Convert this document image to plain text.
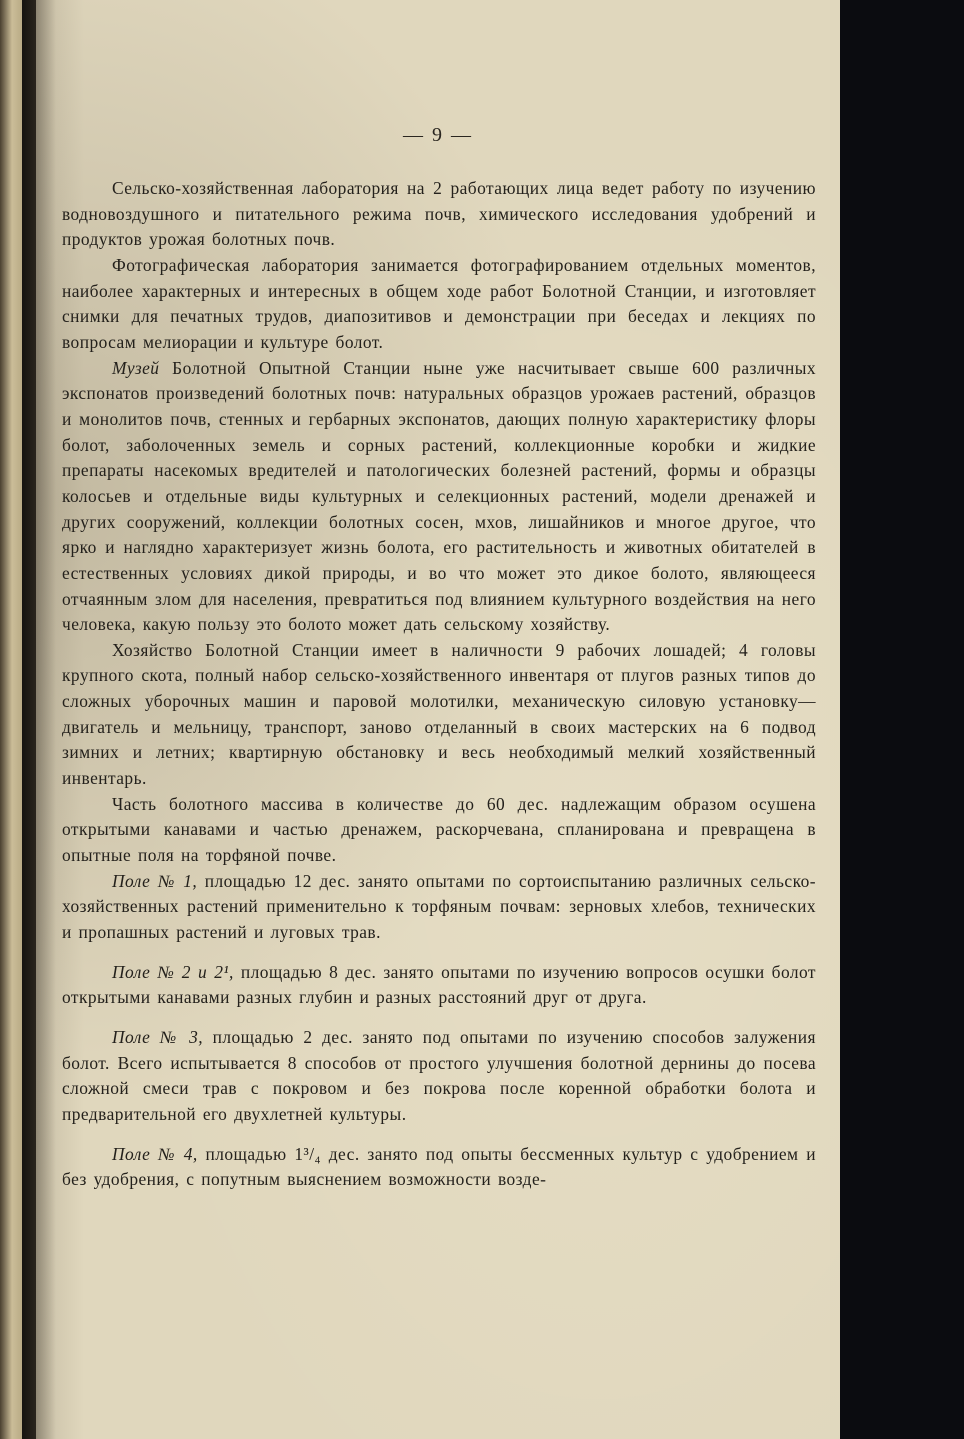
— 9 —

Сельско-хозяйственная лаборатория на 2 работающих лица ведет работу по изучению водновоздушного и питательного режима почв, химического исследования удобрений и продуктов урожая болотных почв.

Фотографическая лаборатория занимается фотографированием отдельных моментов, наиболее характерных и интересных в общем ходе работ Болотной Станции, и изготовляет снимки для печатных трудов, диапозитивов и демонстрации при беседах и лекциях по вопросам мелиорации и культуре болот.

Музей Болотной Опытной Станции ныне уже насчитывает свыше 600 различных экспонатов произведений болотных почв: натуральных образцов урожаев растений, образцов и монолитов почв, стенных и гербарных экспонатов, дающих полную характеристику флоры болот, заболоченных земель и сорных растений, коллекционные коробки и жидкие препараты насекомых вредителей и патологических болезней растений, формы и образцы колосьев и отдельные виды культурных и селекционных растений, модели дренажей и других сооружений, коллекции болотных сосен, мхов, лишайников и многое другое, что ярко и наглядно характеризует жизнь болота, его растительность и животных обитателей в естественных условиях дикой природы, и во что может это дикое болото, являющееся отчаянным злом для населения, превратиться под влиянием культурного воздействия на него человека, какую пользу это болото может дать сельскому хозяйству.

Хозяйство Болотной Станции имеет в наличности 9 рабочих лошадей; 4 головы крупного скота, полный набор сельско-хозяйственного инвентаря от плугов разных типов до сложных уборочных машин и паровой молотилки, механическую силовую установку—двигатель и мельницу, транспорт, заново отделанный в своих мастерских на 6 подвод зимних и летних; квартирную обстановку и весь необходимый мелкий хозяйственный инвентарь.

Часть болотного массива в количестве до 60 дес. надлежащим образом осушена открытыми канавами и частью дренажем, раскорчевана, спланирована и превращена в опытные поля на торфяной почве.

Поле № 1, площадью 12 дес. занято опытами по сортоиспытанию различных сельско-хозяйственных растений применительно к торфяным почвам: зерновых хлебов, технических и пропашных растений и луговых трав.

Поле № 2 и 2¹, площадью 8 дес. занято опытами по изучению вопросов осушки болот открытыми канавами разных глубин и разных расстояний друг от друга.

Поле № 3, площадью 2 дес. занято под опытами по изучению способов залужения болот. Всего испытывается 8 способов от простого улучшения болотной дернины до посева сложной смеси трав с покровом и без покрова после коренной обработки болота и предварительной его двухлетней культуры.

Поле № 4, площадью 1³/₄ дес. занято под опыты бессменных культур с удобрением и без удобрения, с попутным выяснением возможности возде-
